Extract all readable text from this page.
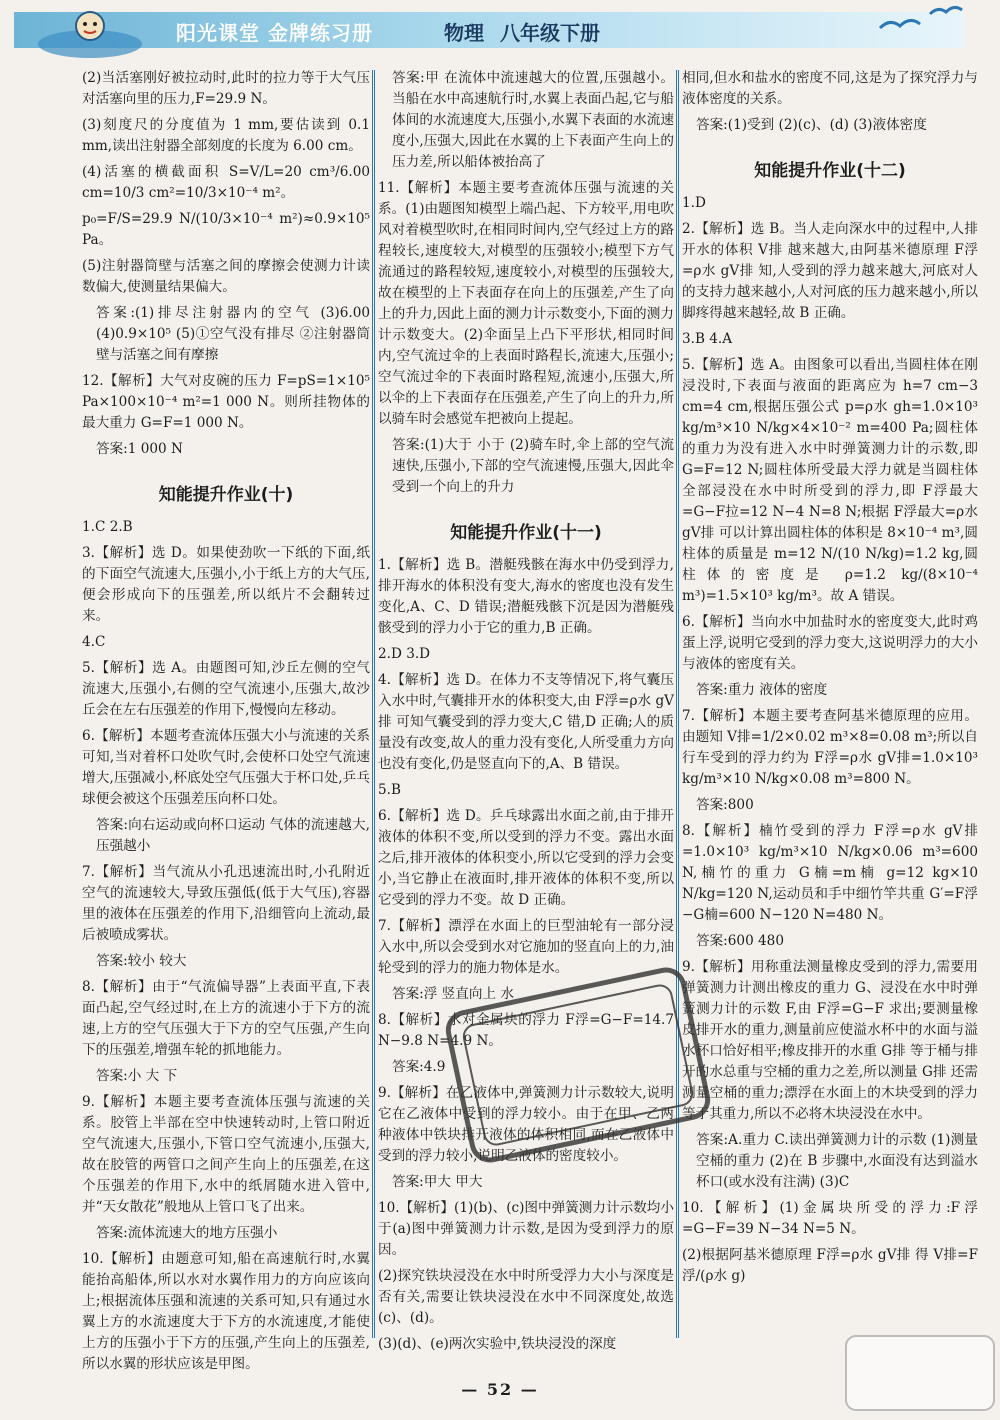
阳光课堂 金牌练习册	物理 八年级下册

(2)当活塞刚好被拉动时,此时的拉力等于大气压对活塞向里的压力,F=29.9 N。

(3)刻度尺的分度值为 1 mm,要估读到 0.1 mm,读出注射器全部刻度的长度为 6.00 cm。

(4)活塞的横截面积 S=V/L=20 cm³/6.00 cm=10/3 cm²=10/3×10⁻⁴ m²。

p₀=F/S=29.9 N/(10/3×10⁻⁴ m²)≈0.9×10⁵ Pa。

(5)注射器筒壁与活塞之间的摩擦会使测力计读数偏大,使测量结果偏大。

答案:(1)排尽注射器内的空气 (3)6.00 (4)0.9×10⁵ (5)①空气没有排尽 ②注射器筒壁与活塞之间有摩擦

12.【解析】大气对皮碗的压力 F=pS=1×10⁵ Pa×100×10⁻⁴ m²=1 000 N。则所挂物体的最大重力 G=F=1 000 N。

答案:1 000 N

知能提升作业(十)

1.C 2.B

3.【解析】选 D。如果使劲吹一下纸的下面,纸的下面空气流速大,压强小,小于纸上方的大气压,便会形成向下的压强差,所以纸片不会翻转过来。

4.C

5.【解析】选 A。由题图可知,沙丘左侧的空气流速大,压强小,右侧的空气流速小,压强大,故沙丘会在左右压强差的作用下,慢慢向左移动。

6.【解析】本题考查流体压强大小与流速的关系可知,当对着杯口处吹气时,会使杯口处空气流速增大,压强减小,杯底处空气压强大于杯口处,乒乓球便会被这个压强差压向杯口处。

答案:向右运动或向杯口运动 气体的流速越大,压强越小

7.【解析】当气流从小孔迅速流出时,小孔附近空气的流速较大,导致压强低(低于大气压),容器里的液体在压强差的作用下,沿细管向上流动,最后被喷成雾状。

答案:较小 较大

8.【解析】由于“气流偏导器”上表面平直,下表面凸起,空气经过时,在上方的流速小于下方的流速,上方的空气压强大于下方的空气压强,产生向下的压强差,增强车轮的抓地能力。

答案:小 大 下

9.【解析】本题主要考查流体压强与流速的关系。胶管上半部在空中快速转动时,上管口附近空气流速大,压强小,下管口空气流速小,压强大,故在胶管的两管口之间产生向上的压强差,在这个压强差的作用下,水中的纸屑随水进入管中,并“天女散花”般地从上管口飞了出来。

答案:流体流速大的地方压强小

10.【解析】由题意可知,船在高速航行时,水翼能抬高船体,所以水对水翼作用力的方向应该向上;根据流体压强和流速的关系可知,只有通过水翼上方的水流速度大于下方的水流速度,才能使上方的压强小于下方的压强,产生向上的压强差,所以水翼的形状应该是甲图。

答案:甲 在流体中流速越大的位置,压强越小。当船在水中高速航行时,水翼上表面凸起,它与船体间的水流速度大,压强小,水翼下表面的水流速度小,压强大,因此在水翼的上下表面产生向上的压力差,所以船体被抬高了

11.【解析】本题主要考查流体压强与流速的关系。(1)由题图知模型上端凸起、下方较平,用电吹风对着模型吹时,在相同时间内,空气经过上方的路程较长,速度较大,对模型的压强较小;模型下方气流通过的路程较短,速度较小,对模型的压强较大,故在模型的上下表面存在向上的压强差,产生了向上的升力,因此上面的测力计示数变小,下面的测力计示数变大。(2)伞面呈上凸下平形状,相同时间内,空气流过伞的上表面时路程长,流速大,压强小;空气流过伞的下表面时路程短,流速小,压强大,所以伞的上下表面存在压强差,产生了向上的升力,所以骑车时会感觉车把被向上提起。

答案:(1)大于 小于 (2)骑车时,伞上部的空气流速快,压强小,下部的空气流速慢,压强大,因此伞受到一个向上的升力

知能提升作业(十一)

1.【解析】选 B。潜艇残骸在海水中仍受到浮力,排开海水的体积没有变大,海水的密度也没有发生变化,A、C、D 错误;潜艇残骸下沉是因为潜艇残骸受到的浮力小于它的重力,B 正确。

2.D 3.D

4.【解析】选 D。在体力不支等情况下,将气囊压入水中时,气囊排开水的体积变大,由 F浮=ρ水 gV排 可知气囊受到的浮力变大,C 错,D 正确;人的质量没有改变,故人的重力没有变化,人所受重力方向也没有变化,仍是竖直向下的,A、B 错误。

5.B

6.【解析】选 D。乒乓球露出水面之前,由于排开液体的体积不变,所以受到的浮力不变。露出水面之后,排开液体的体积变小,所以它受到的浮力会变小,当它静止在液面时,排开液体的体积不变,所以它受到的浮力不变。故 D 正确。

7.【解析】漂浮在水面上的巨型油轮有一部分浸入水中,所以会受到水对它施加的竖直向上的力,油轮受到的浮力的施力物体是水。

答案:浮 竖直向上 水

8.【解析】水对金属块的浮力 F浮=G−F=14.7 N−9.8 N=4.9 N。

答案:4.9

9.【解析】在乙液体中,弹簧测力计示数较大,说明它在乙液体中受到的浮力较小。由于在甲、乙两种液体中铁块排开液体的体积相同,而在乙液体中受到的浮力较小,说明乙液体的密度较小。

答案:甲大 甲大

10.【解析】(1)(b)、(c)图中弹簧测力计示数均小于(a)图中弹簧测力计示数,是因为受到浮力的原因。

(2)探究铁块浸没在水中时所受浮力大小与深度是否有关,需要让铁块浸没在水中不同深度处,故选(c)、(d)。

(3)(d)、(e)两次实验中,铁块浸没的深度

相同,但水和盐水的密度不同,这是为了探究浮力与液体密度的关系。

答案:(1)受到 (2)(c)、(d) (3)液体密度

知能提升作业(十二)

1.D

2.【解析】选 B。当人走向深水中的过程中,人排开水的体积 V排 越来越大,由阿基米德原理 F浮=ρ水 gV排 知,人受到的浮力越来越大,河底对人的支持力越来越小,人对河底的压力越来越小,所以脚疼得越来越轻,故 B 正确。

3.B 4.A

5.【解析】选 A。由图象可以看出,当圆柱体在刚浸没时,下表面与液面的距离应为 h=7 cm−3 cm=4 cm,根据压强公式 p=ρ水 gh=1.0×10³ kg/m³×10 N/kg×4×10⁻² m=400 Pa;圆柱体的重力为没有进入水中时弹簧测力计的示数,即 G=F=12 N;圆柱体所受最大浮力就是当圆柱体全部浸没在水中时所受到的浮力,即 F浮最大=G−F拉=12 N−4 N=8 N;根据 F浮最大=ρ水 gV排 可以计算出圆柱体的体积是 8×10⁻⁴ m³,圆柱体的质量是 m=12 N/(10 N/kg)=1.2 kg,圆柱体的密度是 ρ=1.2 kg/(8×10⁻⁴ m³)=1.5×10³ kg/m³。故 A 错误。

6.【解析】当向水中加盐时水的密度变大,此时鸡蛋上浮,说明它受到的浮力变大,这说明浮力的大小与液体的密度有关。

答案:重力 液体的密度

7.【解析】本题主要考查阿基米德原理的应用。由题知 V排=1/2×0.02 m³×8=0.08 m³;所以自行车受到的浮力约为 F浮=ρ水 gV排=1.0×10³ kg/m³×10 N/kg×0.08 m³=800 N。

答案:800

8.【解析】楠竹受到的浮力 F浮=ρ水 gV排=1.0×10³ kg/m³×10 N/kg×0.06 m³=600 N,楠竹的重力 G楠=m楠 g=12 kg×10 N/kg=120 N,运动员和手中细竹竿共重 G′=F浮−G楠=600 N−120 N=480 N。

答案:600 480

9.【解析】用称重法测量橡皮受到的浮力,需要用弹簧测力计测出橡皮的重力 G、浸没在水中时弹簧测力计的示数 F,由 F浮=G−F 求出;要测量橡皮排开水的重力,测量前应使溢水杯中的水面与溢水杯口恰好相平;橡皮排开的水重 G排 等于桶与排开的水总重与空桶的重力之差,所以测量 G排 还需测量空桶的重力;漂浮在水面上的木块受到的浮力等于其重力,所以不必将木块浸没在水中。

答案:A.重力 C.读出弹簧测力计的示数 (1)测量空桶的重力 (2)在 B 步骤中,水面没有达到溢水杯口(或水没有注满) (3)C

10.【解析】(1)金属块所受的浮力:F浮=G−F=39 N−34 N=5 N。

(2)根据阿基米德原理 F浮=ρ水 gV排 得 V排=F浮/(ρ水 g)

— 52 —
